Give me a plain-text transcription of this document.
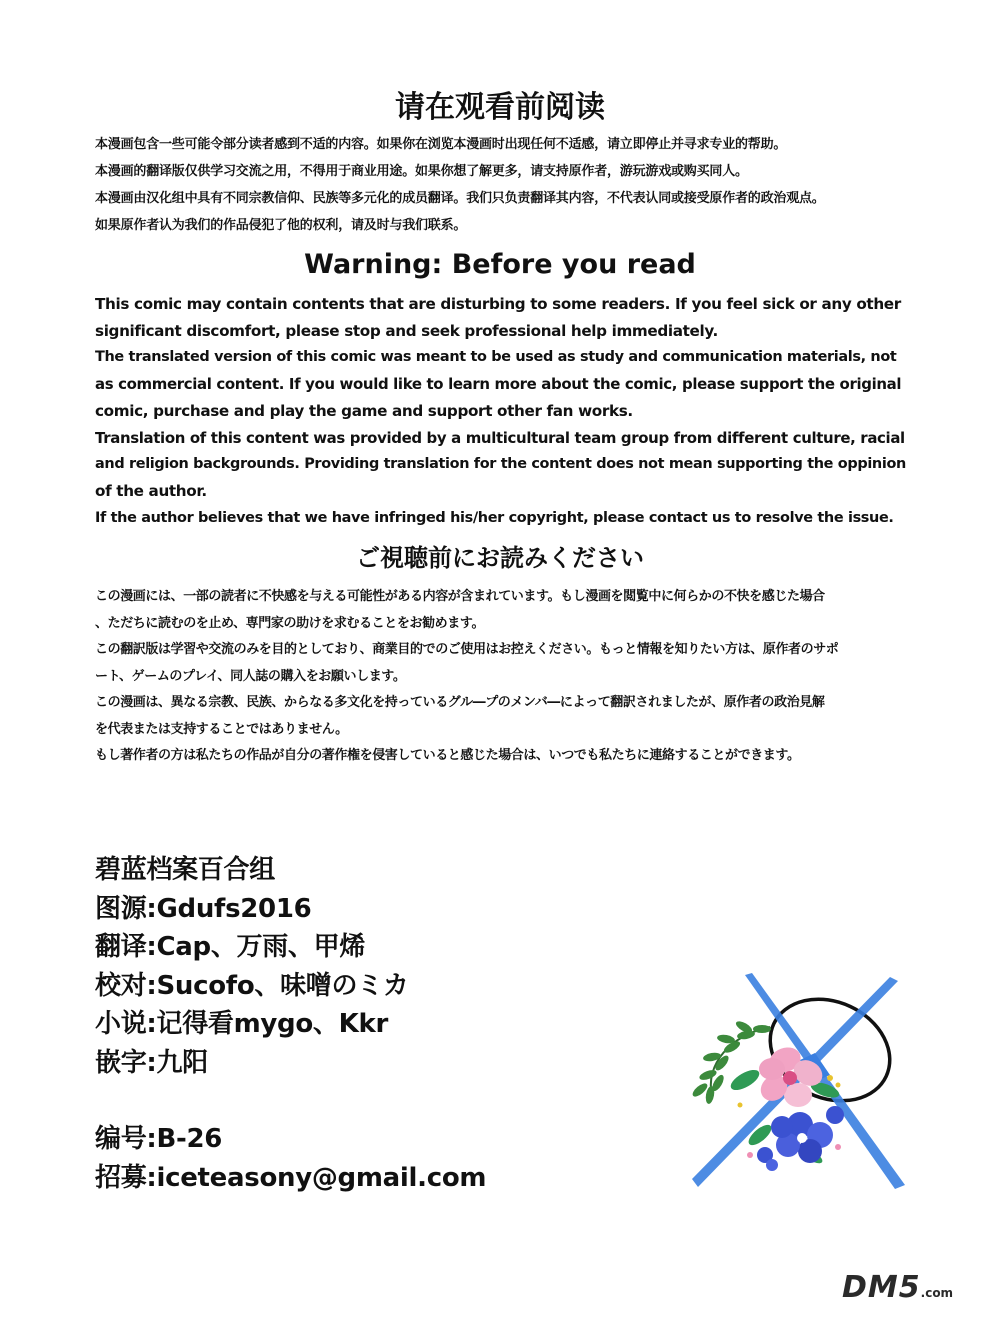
请在观看前阅读
本漫画包含一些可能令部分读者感到不适的内容。如果你在浏览本漫画时出现任何不适感，请立即停止并寻求专业的帮助。
本漫画的翻译版仅供学习交流之用，不得用于商业用途。如果你想了解更多，请支持原作者，游玩游戏或购买同人。
本漫画由汉化组中具有不同宗教信仰、民族等多元化的成员翻译。我们只负责翻译其内容，不代表认同或接受原作者的政治观点。
如果原作者认为我们的作品侵犯了他的权利，请及时与我们联系。
Warning: Before you read
This comic may contain contents that are disturbing to some readers. If you feel sick or any other
significant discomfort, please stop and seek professional help immediately.
The translated version of this comic was meant to be used as study and communication materials, not
as commercial content. If you would like to learn more about the comic, please support the original
comic, purchase and play the game and support other fan works.
Translation of this content was provided by a multicultural team group from different culture, racial
and religion backgrounds. Providing translation for the content does not mean supporting the oppinion
of the author.
If the author believes that we have infringed his/her copyright, please contact us to resolve the issue.
ご視聴前にお読みください
この漫画には、一部の読者に不快感を与える可能性がある内容が含まれています。もし漫画を閲覧中に何らかの不快を感じた場合
、ただちに読むのを止め、専門家の助けを求むることをお勧めます。
この翻訳版は学習や交流のみを目的としており、商業目的でのご使用はお控えください。もっと情報を知りたい方は、原作者のサポ
ート、ゲームのプレイ、同人誌の購入をお願いします。
この漫画は、異なる宗教、民族、からなる多文化を持っているグル―プのメンバ―によって翻訳されましたが、原作者の政治見解
を代表または支持することではありません。
もし著作者の方は私たちの作品が自分の著作権を侵害していると感じた場合は、いつでも私たちに連絡することができます。
碧蓝档案百合组
图源:Gdufs2016
翻译:Cap、万雨、甲烯
校对:Sucofo、味噌のミカ
小说:记得看mygo、Kkr
嵌字:九阳
编号:B-26
招募:iceteasony@gmail.com
DM5.com
